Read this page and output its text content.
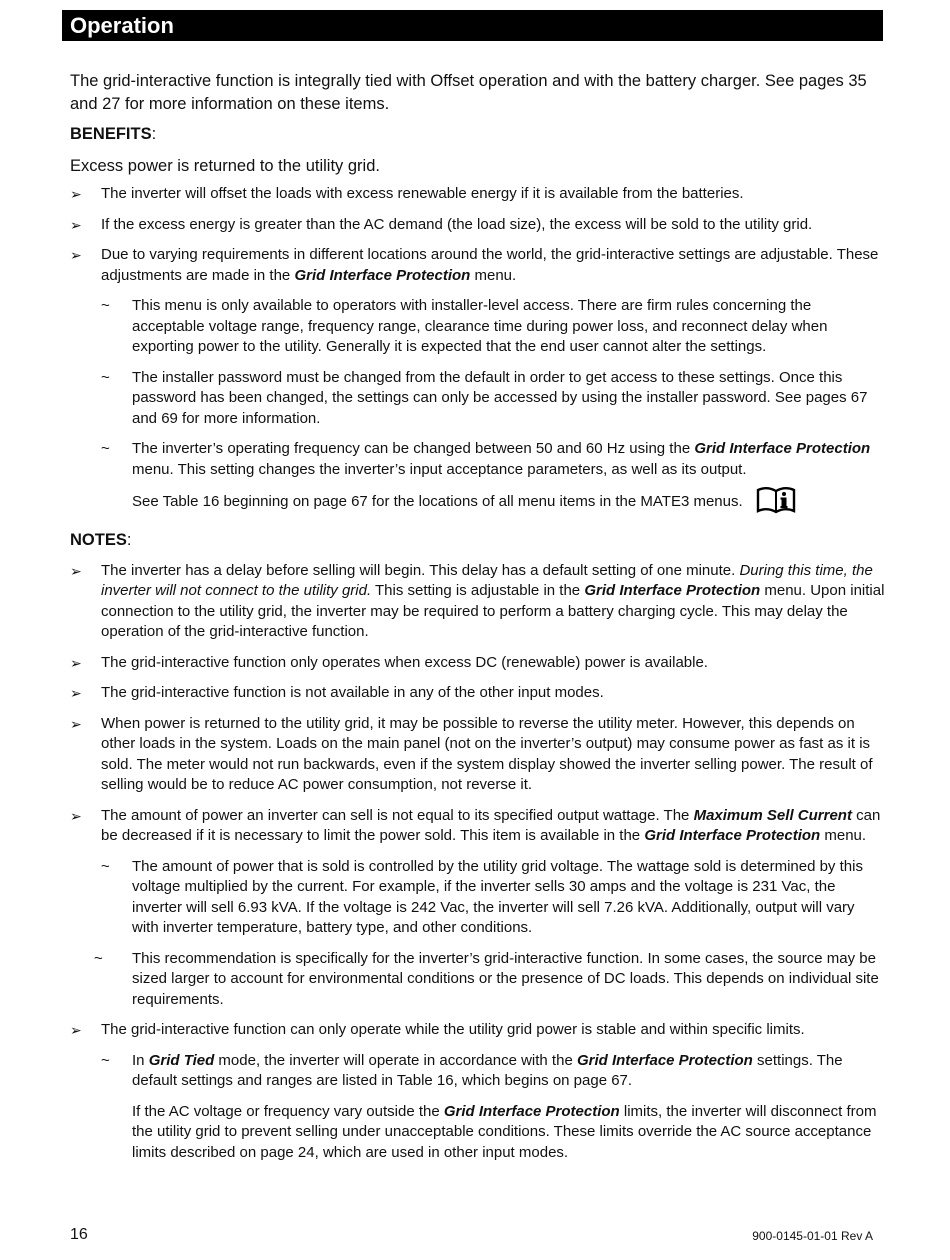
Operation

The grid-interactive function is integrally tied with Offset operation and with the battery charger. See pages 35 and 27 for more information on these items.

BENEFITS:

Excess power is returned to the utility grid.

➢ The inverter will offset the loads with excess renewable energy if it is available from the batteries.
➢ If the excess energy is greater than the AC demand (the load size), the excess will be sold to the utility grid.
➢ Due to varying requirements in different locations around the world, the grid-interactive settings are adjustable. These adjustments are made in the Grid Interface Protection menu.
~ This menu is only available to operators with installer-level access. There are firm rules concerning the acceptable voltage range, frequency range, clearance time during power loss, and reconnect delay when exporting power to the utility. Generally it is expected that the end user cannot alter the settings.
~ The installer password must be changed from the default in order to get access to these settings. Once this password has been changed, the settings can only be accessed by using the installer password. See pages 67 and 69 for more information.
~ The inverter’s operating frequency can be changed between 50 and 60 Hz using the Grid Interface Protection menu. This setting changes the inverter’s input acceptance parameters, as well as its output.
See Table 16 beginning on page 67 for the locations of all menu items in the MATE3 menus.
NOTES:
➢ The inverter has a delay before selling will begin. This delay has a default setting of one minute. During this time, the inverter will not connect to the utility grid. This setting is adjustable in the Grid Interface Protection menu. Upon initial connection to the utility grid, the inverter may be required to perform a battery charging cycle. This may delay the operation of the grid-interactive function.
➢ The grid-interactive function only operates when excess DC (renewable) power is available.
➢ The grid-interactive function is not available in any of the other input modes.
➢ When power is returned to the utility grid, it may be possible to reverse the utility meter. However, this depends on other loads in the system. Loads on the main panel (not on the inverter’s output) may consume power as fast as it is sold. The meter would not run backwards, even if the system display showed the inverter selling power. The result of selling would be to reduce AC power consumption, not reverse it.
➢ The amount of power an inverter can sell is not equal to its specified output wattage. The Maximum Sell Current can be decreased if it is necessary to limit the power sold. This item is available in the Grid Interface Protection menu.
~ The amount of power that is sold is controlled by the utility grid voltage. The wattage sold is determined by this voltage multiplied by the current. For example, if the inverter sells 30 amps and the voltage is 231 Vac, the inverter will sell 6.93 kVA. If the voltage is 242 Vac, the inverter will sell 7.26 kVA. Additionally, output will vary with inverter temperature, battery type, and other conditions.
~ This recommendation is specifically for the inverter’s grid-interactive function. In some cases, the source may be sized larger to account for environmental conditions or the presence of DC loads. This depends on individual site requirements.
➢ The grid-interactive function can only operate while the utility grid power is stable and within specific limits.
~ In Grid Tied mode, the inverter will operate in accordance with the Grid Interface Protection settings. The default settings and ranges are listed in Table 16, which begins on page 67.
If the AC voltage or frequency vary outside the Grid Interface Protection limits, the inverter will disconnect from the utility grid to prevent selling under unacceptable conditions. These limits override the AC source acceptance limits described on page 24, which are used in other input modes.
16	900-0145-01-01 Rev A
